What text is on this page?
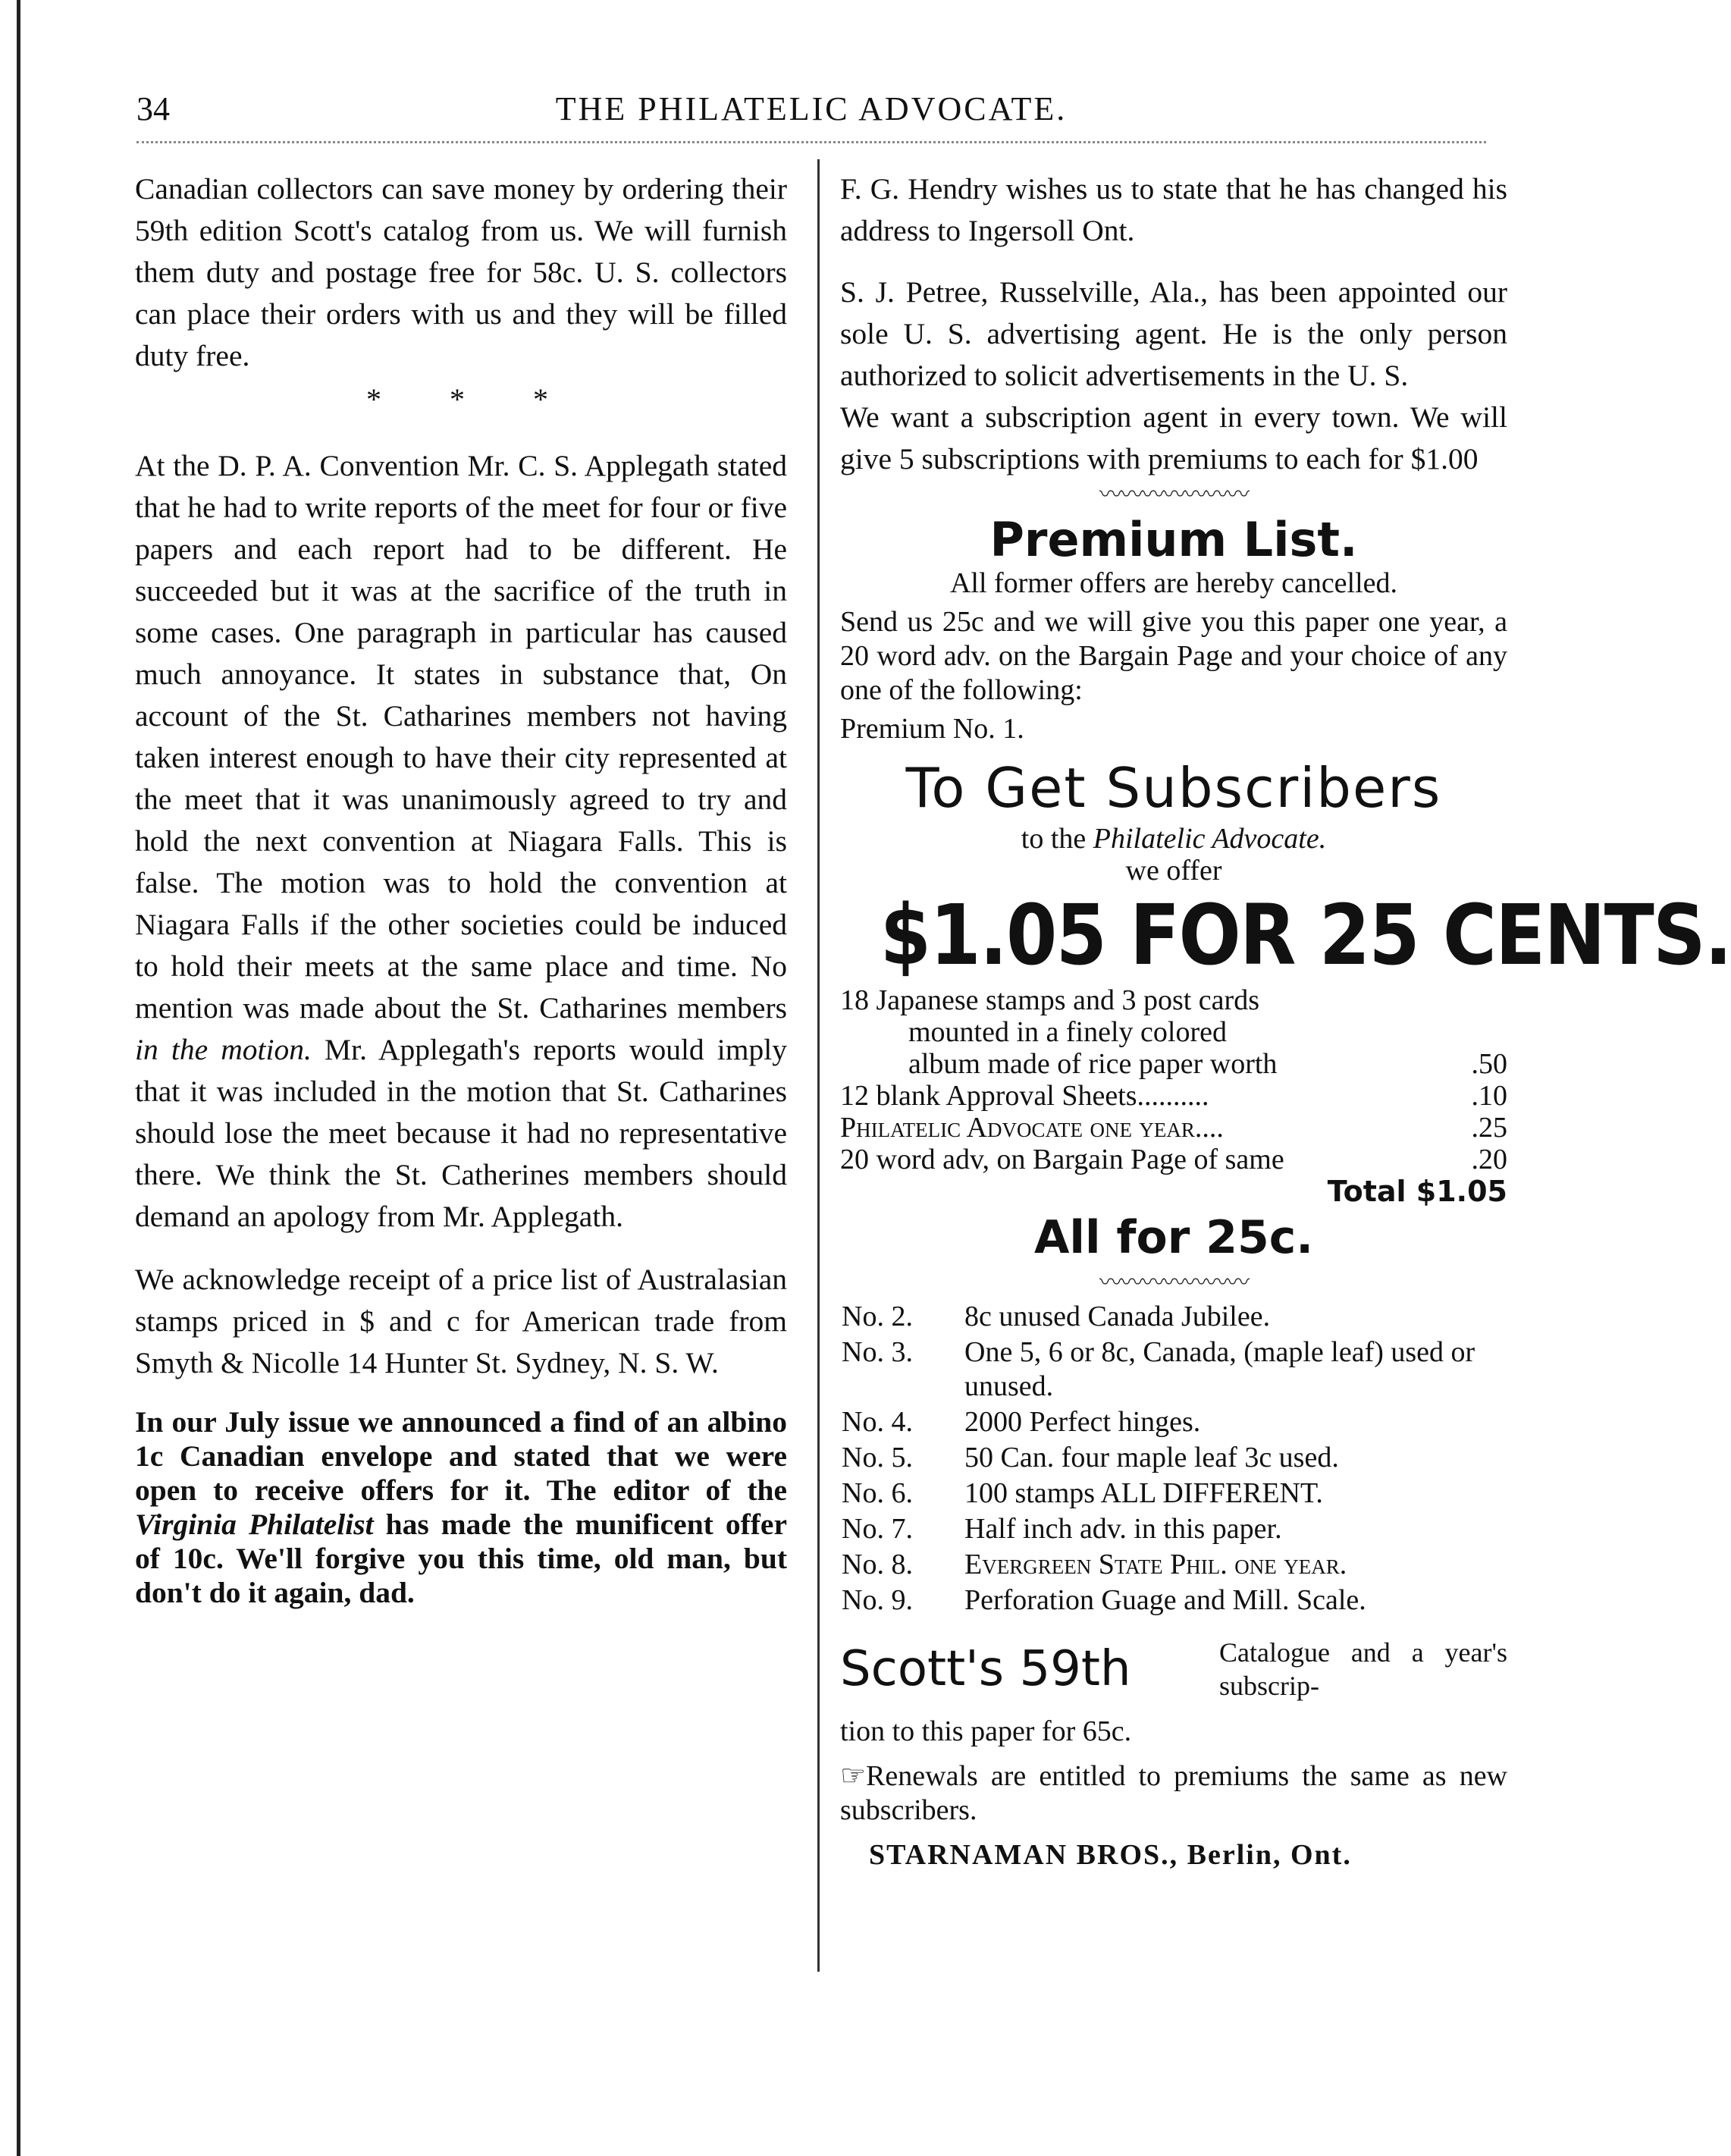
34	THE PHILATELIC ADVOCATE.

Canadian collectors can save money by ordering their 59th edition Scott's catalog from us. We will furnish them duty and postage free for 58c. U. S. collectors can place their orders with us and they will be filled duty free.

* * *

At the D. P. A. Convention Mr. C. S. Applegath stated that he had to write reports of the meet for four or five papers and each report had to be different. He succeeded but it was at the sacrifice of the truth in some cases. One paragraph in particular has caused much annoyance. It states in substance that, On account of the St. Catharines members not having taken interest enough to have their city represented at the meet that it was unanimously agreed to try and hold the next convention at Niagara Falls. This is false. The motion was to hold the convention at Niagara Falls if the other societies could be induced to hold their meets at the same place and time. No mention was made about the St. Catharines members in the motion. Mr. Applegath's reports would imply that it was included in the motion that St. Catharines should lose the meet because it had no representative there. We think the St. Catherines members should demand an apology from Mr. Applegath.

We acknowledge receipt of a price list of Australasian stamps priced in $ and c for American trade from Smyth & Nicolle 14 Hunter St. Sydney, N. S. W.

In our July issue we announced a find of an albino 1c Canadian envelope and stated that we were open to receive offers for it. The editor of the Virginia Philatelist has made the munificent offer of 10c. We'll forgive you this time, old man, but don't do it again, dad.

F. G. Hendry wishes us to state that he has changed his address to Ingersoll Ont.

S. J. Petree, Russelville, Ala., has been appointed our sole U. S. advertising agent. He is the only person authorized to solicit advertisements in the U. S.

We want a subscription agent in every town. We will give 5 subscriptions with premiums to each for $1.00

〰〰〰〰〰〰〰
Premium List.

All former offers are hereby cancelled.

Send us 25c and we will give you this paper one year, a 20 word adv. on the Bargain Page and your choice of any one of the following:

Premium No. 1.

To Get Subscribers
to the Philatelic Advocate.
we offer
$1.05 FOR 25 CENTS.
18 Japanese stamps and 3 post cards	
mounted in a finely colored	
album made of rice paper worth	.50
12 blank Approval Sheets..........	.10
Philatelic Advocate one year....	.25
20 word adv, on Bargain Page of same	.20
Total $1.05
All for 25c.
〰〰〰〰〰〰〰
No. 2.	8c unused Canada Jubilee.
No. 3.	One 5, 6 or 8c, Canada, (maple leaf) used or unused.
No. 4.	2000 Perfect hinges.
No. 5.	50 Can. four maple leaf 3c used.
No. 6.	100 stamps ALL DIFFERENT.
No. 7.	Half inch adv. in this paper.
No. 8.	Evergreen State Phil. one year.
No. 9.	Perforation Guage and Mill. Scale.
Scott's 59th	Catalogue and a year's subscrip-

tion to this paper for 65c.

☞Renewals are entitled to premiums the same as new subscribers.

STARNAMAN BROS., Berlin, Ont.
